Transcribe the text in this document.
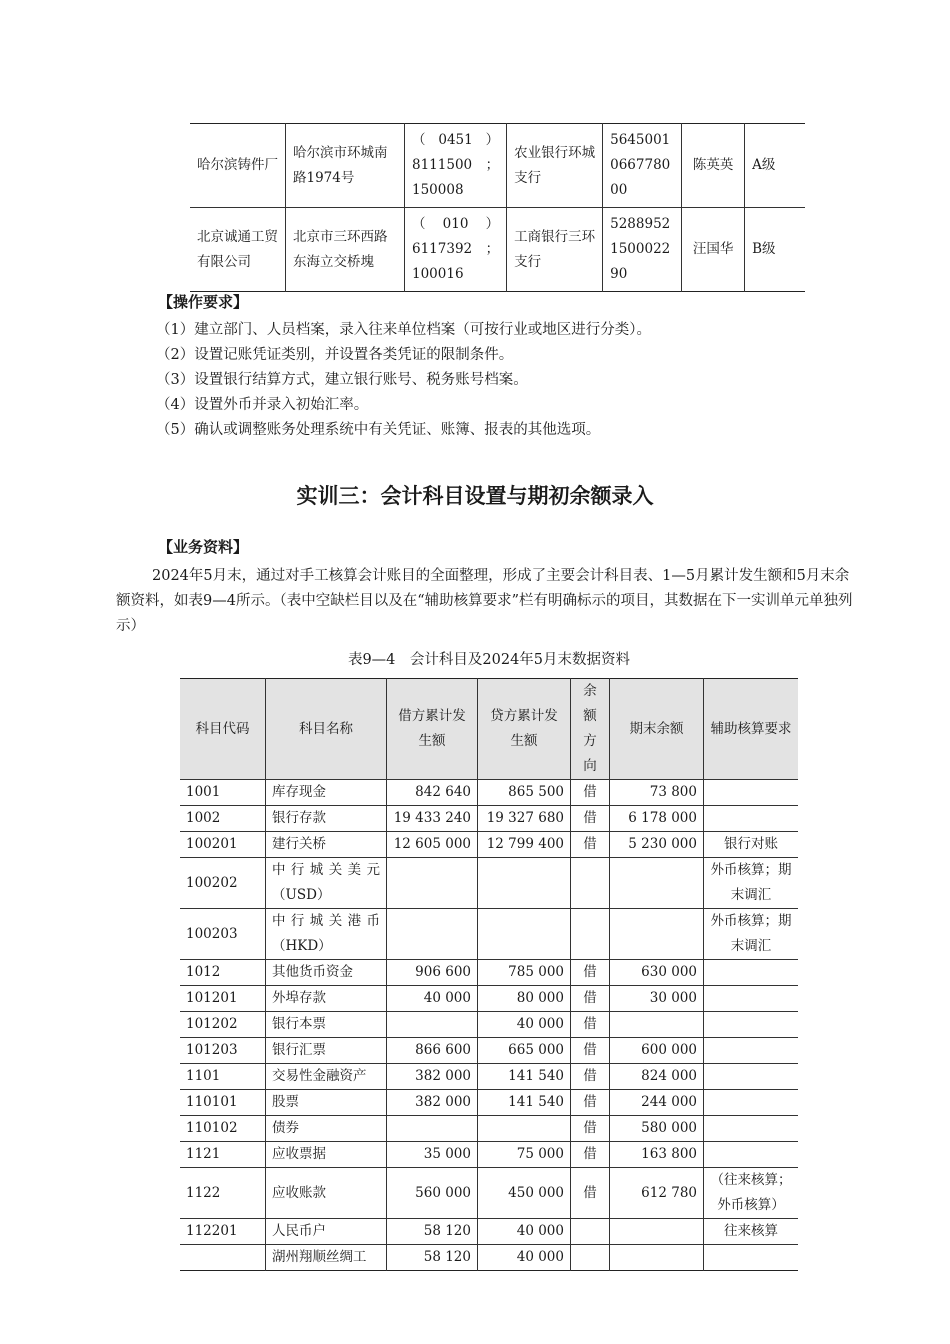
哈尔滨铸件厂	哈尔滨市环城南路1974号	（0451）8111500　；150008	农业银行环城支行	5645001066778000	陈英英	A级
北京诚通工贸有限公司	北京市三环西路东海立交桥塊	（010）6117392　；100016	工商银行三环支行	5288952150002290	汪国华	B级
【操作要求】
（1）建立部门、人员档案，录入往来单位档案（可按行业或地区进行分类）。
（2）设置记账凭证类别，并设置各类凭证的限制条件。
（3）设置银行结算方式，建立银行账号、税务账号档案。
（4）设置外币并录入初始汇率。
（5）确认或调整账务处理系统中有关凭证、账簿、报表的其他选项。
实训三：会计科目设置与期初余额录入
【业务资料】

2024年5月末，通过对手工核算会计账目的全面整理，形成了主要会计科目表、1—5月累计发生额和5月末余额资料，如表9—4所示。（表中空缺栏目以及在“辅助核算要求”栏有明确标示的项目，其数据在下一实训单元单独列示）

表9—4　会计科目及2024年5月末数据资料
科目代码	科目名称	借方累计发生额	贷方累计发生额	余额方向	期末余额	辅助核算要求
1001	库存现金	842 640	865 500	借	73 800	
1002	银行存款	19 433 240	19 327 680	借	6 178 000	
100201	建行关桥	12 605 000	12 799 400	借	5 230 000	银行对账
100202	中行城关美元（USD）					外币核算；期末调汇
100203	中行城关港币（HKD）					外币核算；期末调汇
1012	其他货币资金	906 600	785 000	借	630 000	
101201	外埠存款	40 000	80 000	借	30 000	
101202	银行本票		40 000	借		
101203	银行汇票	866 600	665 000	借	600 000	
1101	交易性金融资产	382 000	141 540	借	824 000	
110101	股票	382 000	141 540	借	244 000	
110102	债券			借	580 000	
1121	应收票据	35 000	75 000	借	163 800	
1122	应收账款	560 000	450 000	借	612 780	（往来核算；外币核算）
112201	人民币户	58 120	40 000			往来核算
	湖州翔顺丝绸工	58 120	40 000			
